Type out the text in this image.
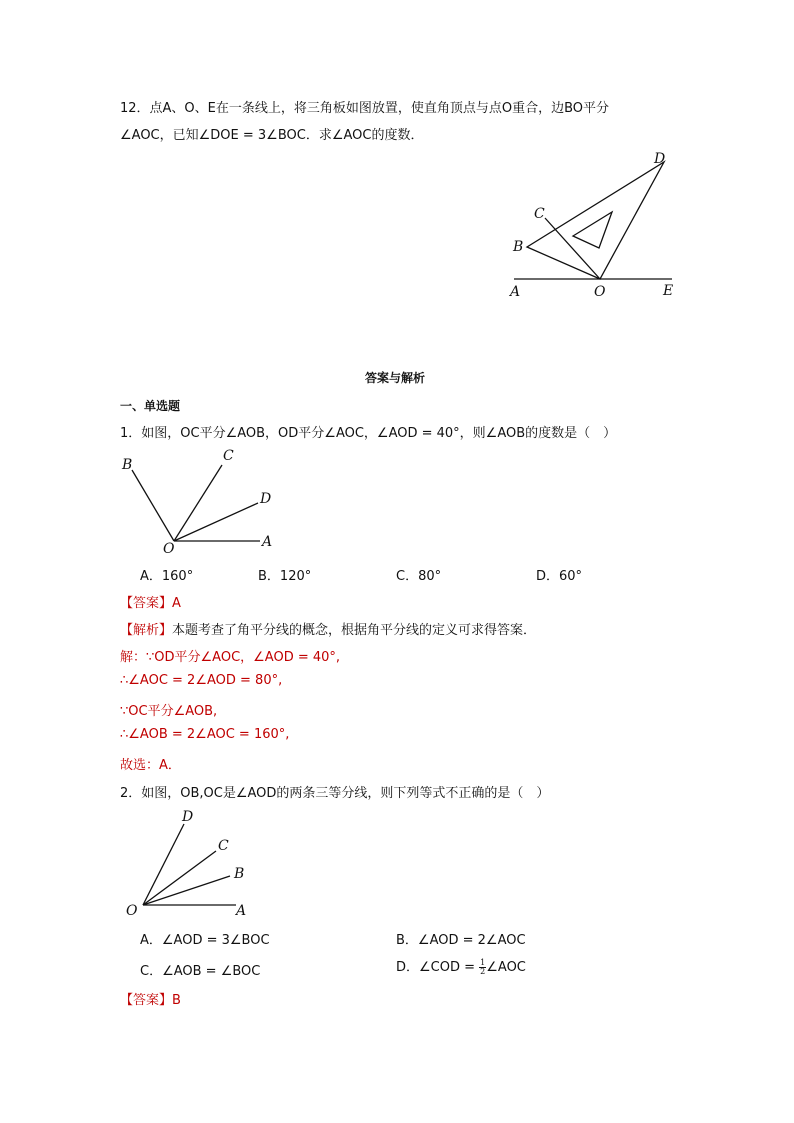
12．点A、O、E在一条线上，将三角板如图放置，使直角顶点与点O重合，边BO平分
∠AOC，已知∠DOE = 3∠BOC．求∠AOC的度数．
D
C
B
A	O	E
答案与解析
一、单选题
1．如图，OC平分∠AOB，OD平分∠AOC，∠AOD = 40°，则∠AOB的度数是（　）
B
C
D
O	A
A．160°	B．120°	C．80°	D．60°
【答案】A
【解析】本题考查了角平分线的概念，根据角平分线的定义可求得答案．
解：∵OD平分∠AOC，∠AOD = 40°,
∴∠AOC = 2∠AOD = 80°,
∵OC平分∠AOB,
∴∠AOB = 2∠AOC = 160°,
故选：A．
2．如图，OB,OC是∠AOD的两条三等分线，则下列等式不正确的是（　）
D
C
B
O	A
A．∠AOD = 3∠BOC	B．∠AOD = 2∠AOC
C．∠AOB = ∠BOC	D．∠COD = $\frac{1}{2}$ ∠AOC
【答案】B
